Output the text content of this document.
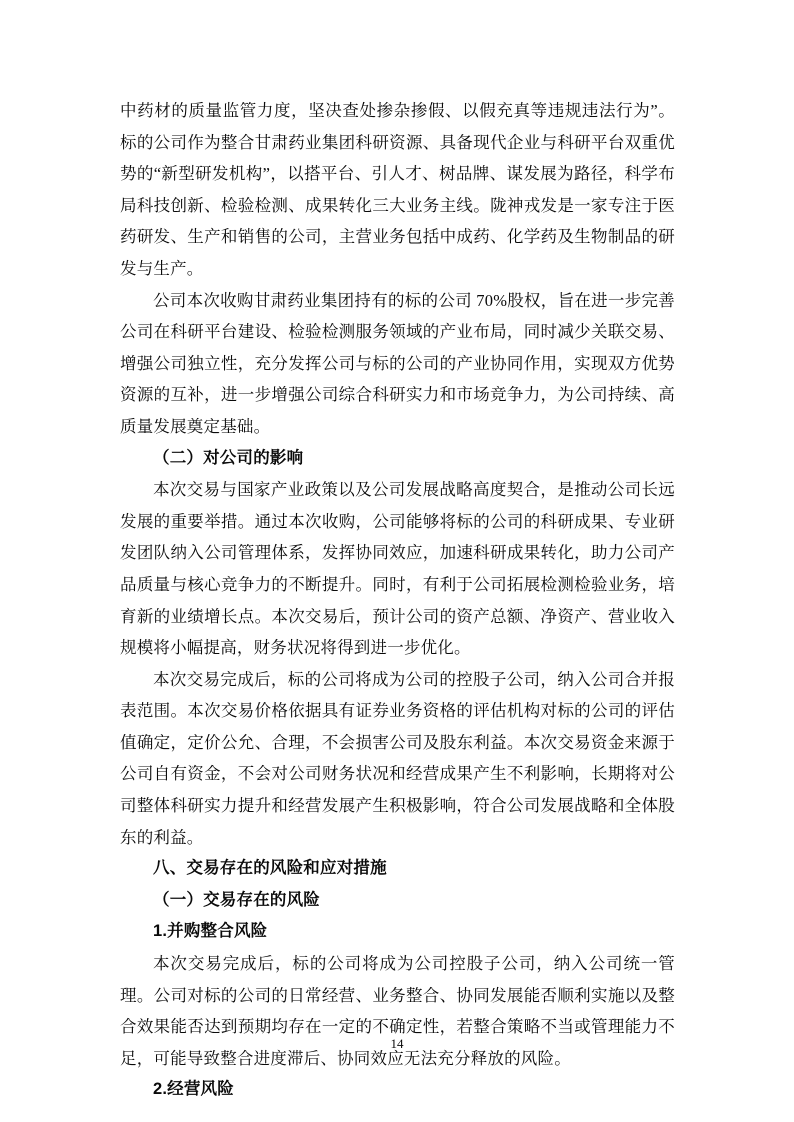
中药材的质量监管力度，坚决查处掺杂掺假、以假充真等违规违法行为”。标的公司作为整合甘肃药业集团科研资源、具备现代企业与科研平台双重优势的“新型研发机构”，以搭平台、引人才、树品牌、谋发展为路径，科学布局科技创新、检验检测、成果转化三大业务主线。陇神戎发是一家专注于医药研发、生产和销售的公司，主营业务包括中成药、化学药及生物制品的研发与生产。

公司本次收购甘肃药业集团持有的标的公司 70%股权，旨在进一步完善公司在科研平台建设、检验检测服务领域的产业布局，同时减少关联交易、增强公司独立性，充分发挥公司与标的公司的产业协同作用，实现双方优势资源的互补，进一步增强公司综合科研实力和市场竞争力，为公司持续、高质量发展奠定基础。

（二）对公司的影响

本次交易与国家产业政策以及公司发展战略高度契合，是推动公司长远发展的重要举措。通过本次收购，公司能够将标的公司的科研成果、专业研发团队纳入公司管理体系，发挥协同效应，加速科研成果转化，助力公司产品质量与核心竞争力的不断提升。同时，有利于公司拓展检测检验业务，培育新的业绩增长点。本次交易后，预计公司的资产总额、净资产、营业收入规模将小幅提高，财务状况将得到进一步优化。

本次交易完成后，标的公司将成为公司的控股子公司，纳入公司合并报表范围。本次交易价格依据具有证券业务资格的评估机构对标的公司的评估值确定，定价公允、合理，不会损害公司及股东利益。本次交易资金来源于公司自有资金，不会对公司财务状况和经营成果产生不利影响，长期将对公司整体科研实力提升和经营发展产生积极影响，符合公司发展战略和全体股东的利益。

八、交易存在的风险和应对措施
（一）交易存在的风险
1.并购整合风险

本次交易完成后，标的公司将成为公司控股子公司，纳入公司统一管理。公司对标的公司的日常经营、业务整合、协同发展能否顺利实施以及整合效果能否达到预期均存在一定的不确定性，若整合策略不当或管理能力不足，可能导致整合进度滞后、协同效应无法充分释放的风险。

2.经营风险
14
